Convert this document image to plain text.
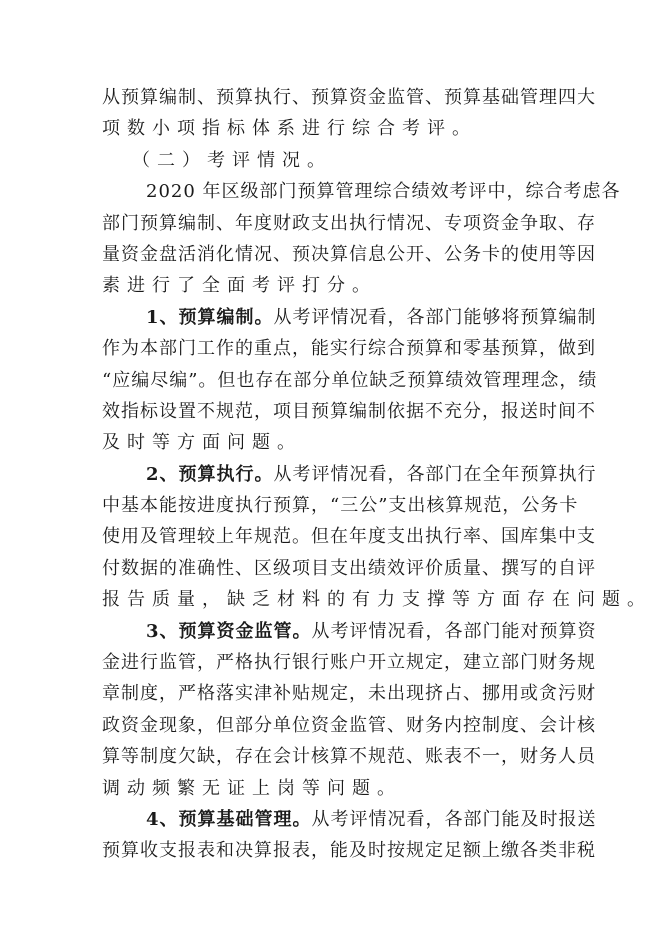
从预算编制、预算执行、预算资金监管、预算基础管理四大
项数小项指标体系进行综合考评。
（二）考评情况。
2020 年区级部门预算管理综合绩效考评中，综合考虑各
部门预算编制、年度财政支出执行情况、专项资金争取、存
量资金盘活消化情况、预决算信息公开、公务卡的使用等因
素进行了全面考评打分。
1、预算编制。从考评情况看，各部门能够将预算编制
作为本部门工作的重点，能实行综合预算和零基预算，做到
“应编尽编”。但也存在部分单位缺乏预算绩效管理理念，绩
效指标设置不规范，项目预算编制依据不充分，报送时间不
及时等方面问题。
2、预算执行。从考评情况看，各部门在全年预算执行
中基本能按进度执行预算，“三公”支出核算规范，公务卡
使用及管理较上年规范。但在年度支出执行率、国库集中支
付数据的准确性、区级项目支出绩效评价质量、撰写的自评
报告质量，缺乏材料的有力支撑等方面存在问题。
3、预算资金监管。从考评情况看，各部门能对预算资
金进行监管，严格执行银行账户开立规定，建立部门财务规
章制度，严格落实津补贴规定，未出现挤占、挪用或贪污财
政资金现象，但部分单位资金监管、财务内控制度、会计核
算等制度欠缺，存在会计核算不规范、账表不一，财务人员
调动频繁无证上岗等问题。
4、预算基础管理。从考评情况看，各部门能及时报送
预算收支报表和决算报表，能及时按规定足额上缴各类非税
